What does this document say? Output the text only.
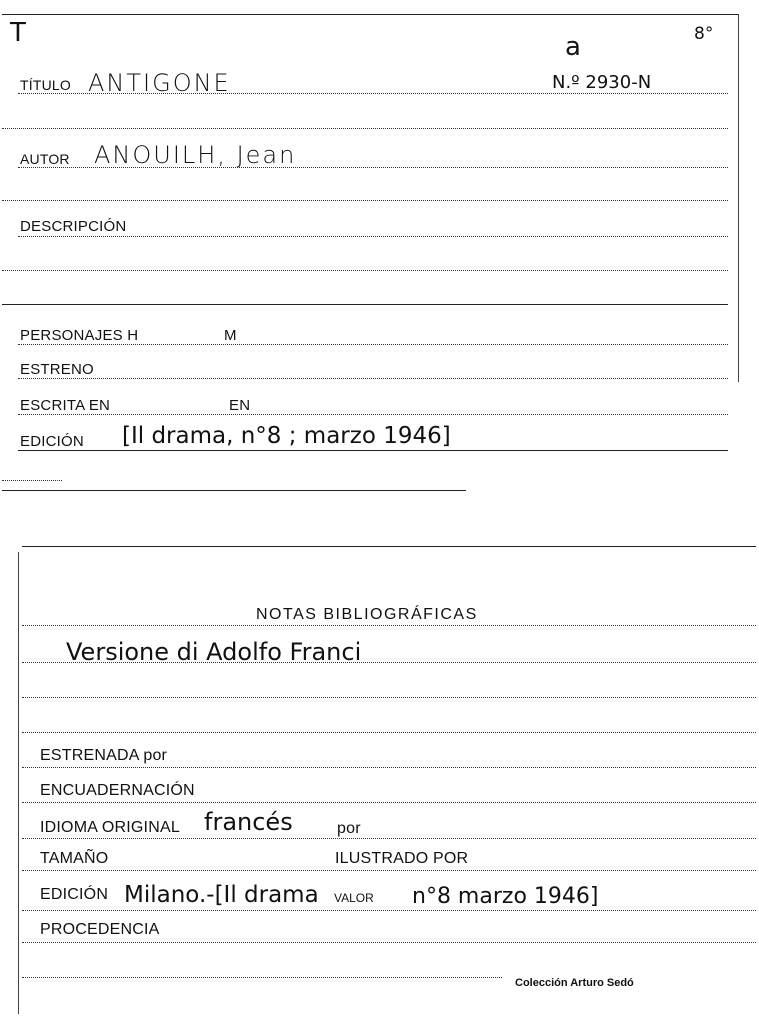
T	8°
a
TÍTULO ANTIGONE	N.º 2930-N
AUTOR ANOUILH, Jean
DESCRIPCIÓN
PERSONAJES H	M
ESTRENO
ESCRITA EN	EN
EDICIÓN [Il drama, n°8 ; marzo 1946]
NOTAS BIBLIOGRÁFICAS
Versione di Adolfo Franci
ESTRENADA por
ENCUADERNACIÓN
IDIOMA ORIGINAL francés	por
TAMAÑO	ILUSTRADO POR
EDICIÓN Milano.-[Il drama VALOR n°8 marzo 1946]
PROCEDENCIA
Colección Arturo Sedó
